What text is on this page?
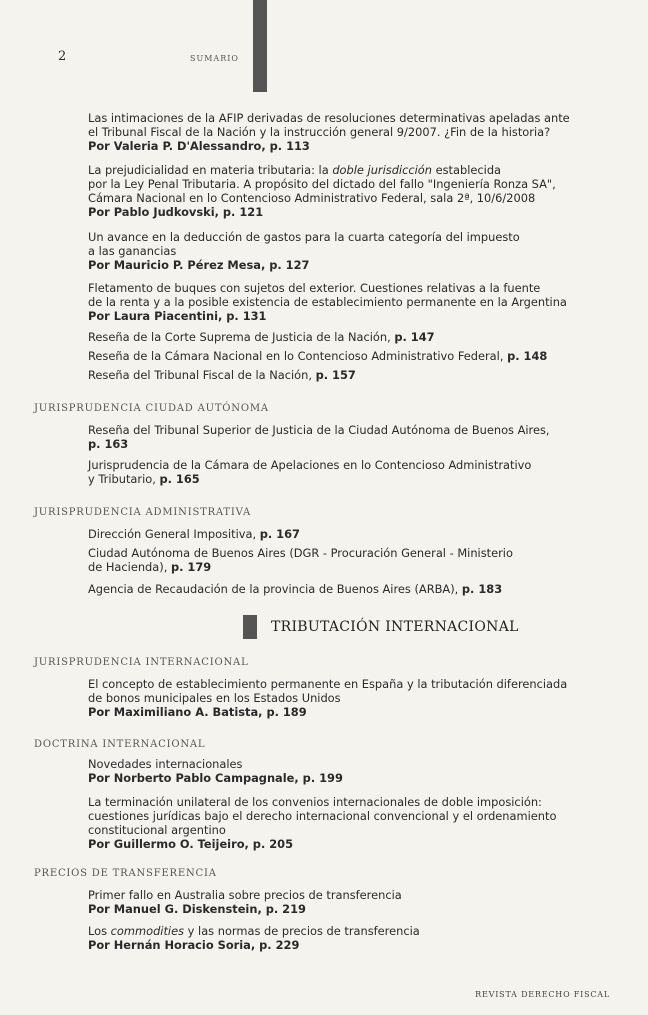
2	SUMARIO
Las intimaciones de la AFIP derivadas de resoluciones determinativas apeladas ante
el Tribunal Fiscal de la Nación y la instrucción general 9/2007. ¿Fin de la historia?
Por Valeria P. D'Alessandro, p. 113
La prejudicialidad en materia tributaria: la doble jurisdicción establecida
por la Ley Penal Tributaria. A propósito del dictado del fallo "Ingeniería Ronza SA",
Cámara Nacional en lo Contencioso Administrativo Federal, sala 2ª, 10/6/2008
Por Pablo Judkovski, p. 121
Un avance en la deducción de gastos para la cuarta categoría del impuesto
a las ganancias
Por Mauricio P. Pérez Mesa, p. 127
Fletamento de buques con sujetos del exterior. Cuestiones relativas a la fuente
de la renta y a la posible existencia de establecimiento permanente en la Argentina
Por Laura Piacentini, p. 131
Reseña de la Corte Suprema de Justicia de la Nación, p. 147
Reseña de la Cámara Nacional en lo Contencioso Administrativo Federal, p. 148
Reseña del Tribunal Fiscal de la Nación, p. 157
JURISPRUDENCIA CIUDAD AUTÓNOMA
Reseña del Tribunal Superior de Justicia de la Ciudad Autónoma de Buenos Aires,
p. 163
Jurisprudencia de la Cámara de Apelaciones en lo Contencioso Administrativo
y Tributario, p. 165
JURISPRUDENCIA ADMINISTRATIVA
Dirección General Impositiva, p. 167
Ciudad Autónoma de Buenos Aires (DGR - Procuración General - Ministerio
de Hacienda), p. 179
Agencia de Recaudación de la provincia de Buenos Aires (ARBA), p. 183
TRIBUTACIÓN INTERNACIONAL
JURISPRUDENCIA INTERNACIONAL
El concepto de establecimiento permanente en España y la tributación diferenciada
de bonos municipales en los Estados Unidos
Por Maximiliano A. Batista, p. 189
DOCTRINA INTERNACIONAL
Novedades internacionales
Por Norberto Pablo Campagnale, p. 199
La terminación unilateral de los convenios internacionales de doble imposición:
cuestiones jurídicas bajo el derecho internacional convencional y el ordenamiento
constitucional argentino
Por Guillermo O. Teijeiro, p. 205
PRECIOS DE TRANSFERENCIA
Primer fallo en Australia sobre precios de transferencia
Por Manuel G. Diskenstein, p. 219
Los commodities y las normas de precios de transferencia
Por Hernán Horacio Soria, p. 229
REVISTA DERECHO FISCAL
